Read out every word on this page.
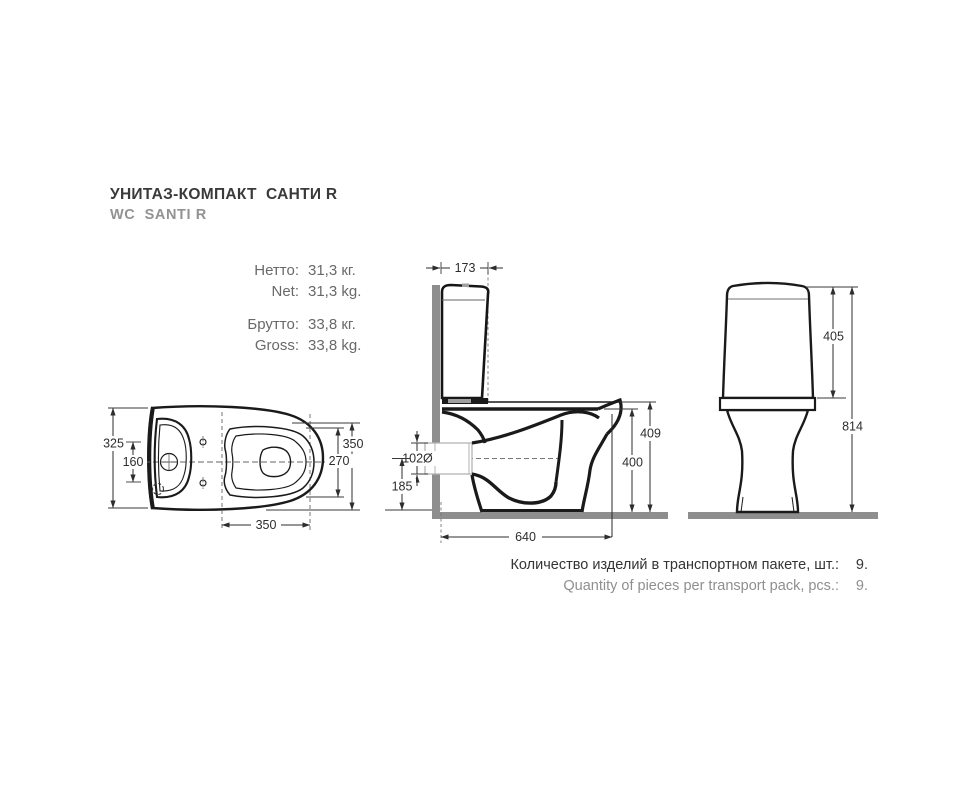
УНИТАЗ-КОМПАКТ  САНТИ R
WC  SANTI R
Нетто: 31,3 кг.
Net: 31,3 kg.
Брутто: 33,8 кг.
Gross: 33,8 kg.
325
160
350
270
350
173
102Ø
185
409
400
640
405
814
Количество изделий в транспортном пакете, шт.:	9.
Quantity of pieces per transport pack, pcs.:	9.
